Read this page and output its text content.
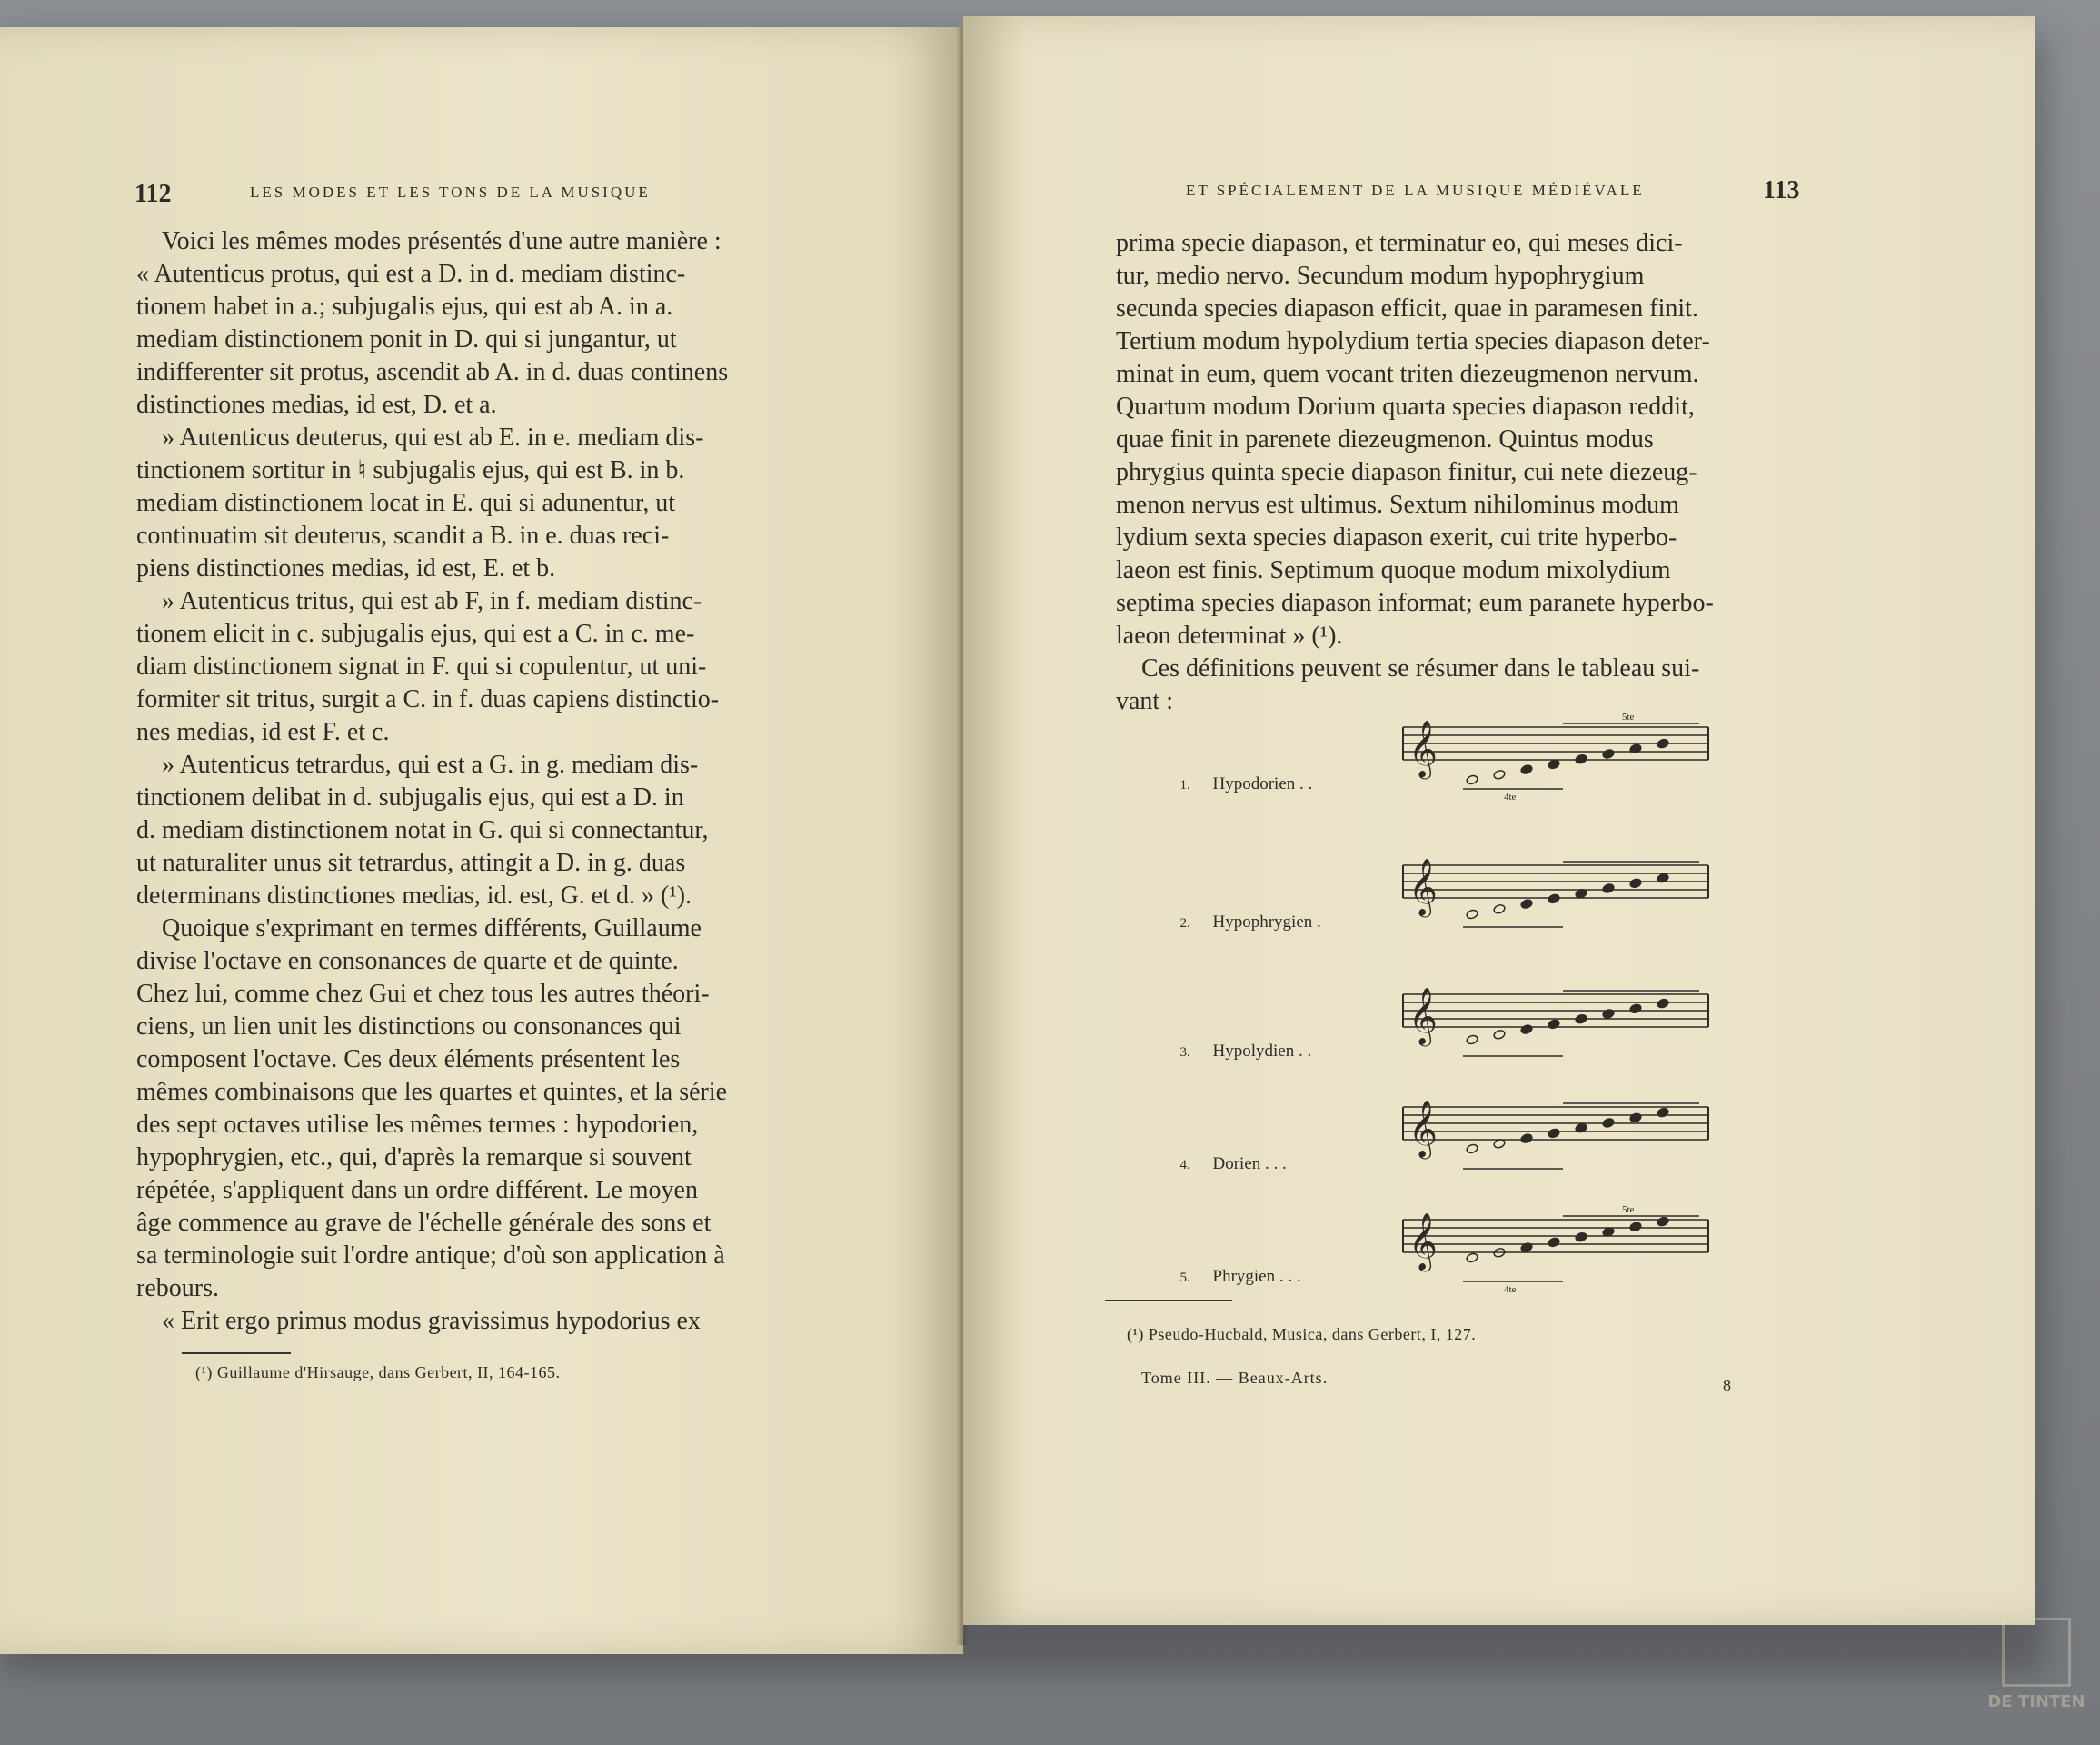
112	LES MODES ET LES TONS DE LA MUSIQUE

Voici les mêmes modes présentés d'une autre manière :

« Autenticus protus, qui est a D. in d. mediam distinc-

tionem habet in a.; subjugalis ejus, qui est ab A. in a.

mediam distinctionem ponit in D. qui si jungantur, ut

indifferenter sit protus, ascendit ab A. in d. duas continens

distinctiones medias, id est, D. et a.

» Autenticus deuterus, qui est ab E. in e. mediam dis-

tinctionem sortitur in ♮ subjugalis ejus, qui est B. in b.

mediam distinctionem locat in E. qui si adunentur, ut

continuatim sit deuterus, scandit a B. in e. duas reci-

piens distinctiones medias, id est, E. et b.

» Autenticus tritus, qui est ab F, in f. mediam distinc-

tionem elicit in c. subjugalis ejus, qui est a C. in c. me-

diam distinctionem signat in F. qui si copulentur, ut uni-

formiter sit tritus, surgit a C. in f. duas capiens distinctio-

nes medias, id est F. et c.

» Autenticus tetrardus, qui est a G. in g. mediam dis-

tinctionem delibat in d. subjugalis ejus, qui est a D. in

d. mediam distinctionem notat in G. qui si connectantur,

ut naturaliter unus sit tetrardus, attingit a D. in g. duas

determinans distinctiones medias, id. est, G. et d. » (¹).

Quoique s'exprimant en termes différents, Guillaume

divise l'octave en consonances de quarte et de quinte.

Chez lui, comme chez Gui et chez tous les autres théori-

ciens, un lien unit les distinctions ou consonances qui

composent l'octave. Ces deux éléments présentent les

mêmes combinaisons que les quartes et quintes, et la série

des sept octaves utilise les mêmes termes : hypodorien,

hypophrygien, etc., qui, d'après la remarque si souvent

répétée, s'appliquent dans un ordre différent. Le moyen

âge commence au grave de l'échelle générale des sons et

sa terminologie suit l'ordre antique; d'où son application à

rebours.

« Erit ergo primus modus gravissimus hypodorius ex

(¹) Guillaume d'Hirsauge, dans Gerbert, II, 164-165.
ET SPÉCIALEMENT DE LA MUSIQUE MÉDIÉVALE	113

prima specie diapason, et terminatur eo, qui meses dici-

tur, medio nervo. Secundum modum hypophrygium

secunda species diapason efficit, quae in paramesen finit.

Tertium modum hypolydium tertia species diapason deter-

minat in eum, quem vocant triten diezeugmenon nervum.

Quartum modum Dorium quarta species diapason reddit,

quae finit in parenete diezeugmenon. Quintus modus

phrygius quinta specie diapason finitur, cui nete diezeug-

menon nervus est ultimus. Sextum nihilominus modum

lydium sexta species diapason exerit, cui trite hyperbo-

laeon est finis. Septimum quoque modum mixolydium

septima species diapason informat; eum paranete hyperbo-

laeon determinat » (¹).

Ces définitions peuvent se résumer dans le tableau sui-

vant :

1. Hypodorien . .

𝄞
5te
4te

2. Hypophrygien .

𝄞

3. Hypolydien . .

𝄞

4. Dorien . . .

𝄞

5. Phrygien . . .

𝄞
5te
4te
(¹) Pseudo-Hucbald, Musica, dans Gerbert, I, 127.
Tome III. — Beaux-Arts.	8
DE TINTEN
